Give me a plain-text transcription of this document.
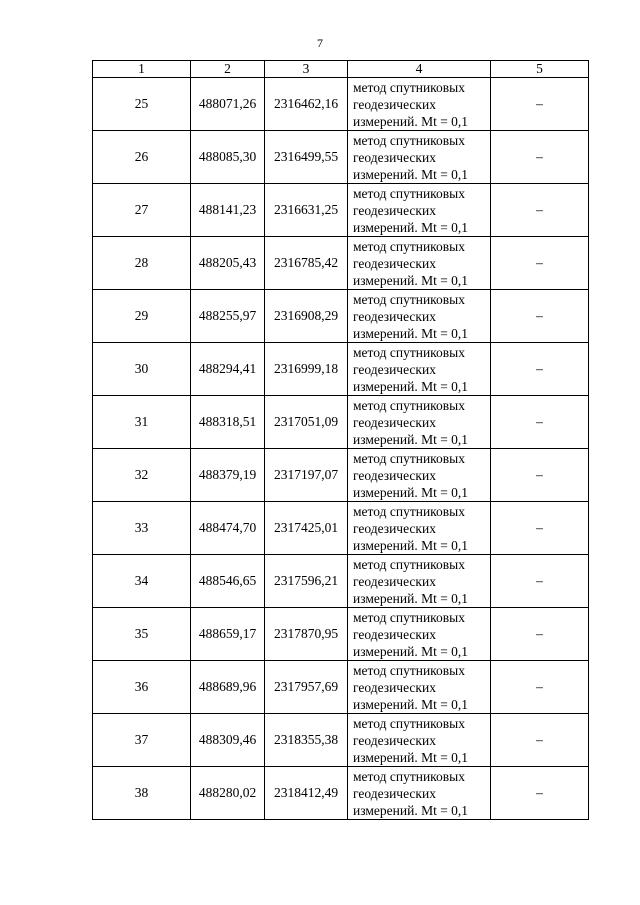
7
1	2	3	4	5
25	488071,26	2316462,16	метод спутниковых
геодезических
измерений. Mt = 0,1	–
26	488085,30	2316499,55	метод спутниковых
геодезических
измерений. Mt = 0,1	–
27	488141,23	2316631,25	метод спутниковых
геодезических
измерений. Mt = 0,1	–
28	488205,43	2316785,42	метод спутниковых
геодезических
измерений. Mt = 0,1	–
29	488255,97	2316908,29	метод спутниковых
геодезических
измерений. Mt = 0,1	–
30	488294,41	2316999,18	метод спутниковых
геодезических
измерений. Mt = 0,1	–
31	488318,51	2317051,09	метод спутниковых
геодезических
измерений. Mt = 0,1	–
32	488379,19	2317197,07	метод спутниковых
геодезических
измерений. Mt = 0,1	–
33	488474,70	2317425,01	метод спутниковых
геодезических
измерений. Mt = 0,1	–
34	488546,65	2317596,21	метод спутниковых
геодезических
измерений. Mt = 0,1	–
35	488659,17	2317870,95	метод спутниковых
геодезических
измерений. Mt = 0,1	–
36	488689,96	2317957,69	метод спутниковых
геодезических
измерений. Mt = 0,1	–
37	488309,46	2318355,38	метод спутниковых
геодезических
измерений. Mt = 0,1	–
38	488280,02	2318412,49	метод спутниковых
геодезических
измерений. Mt = 0,1	–
